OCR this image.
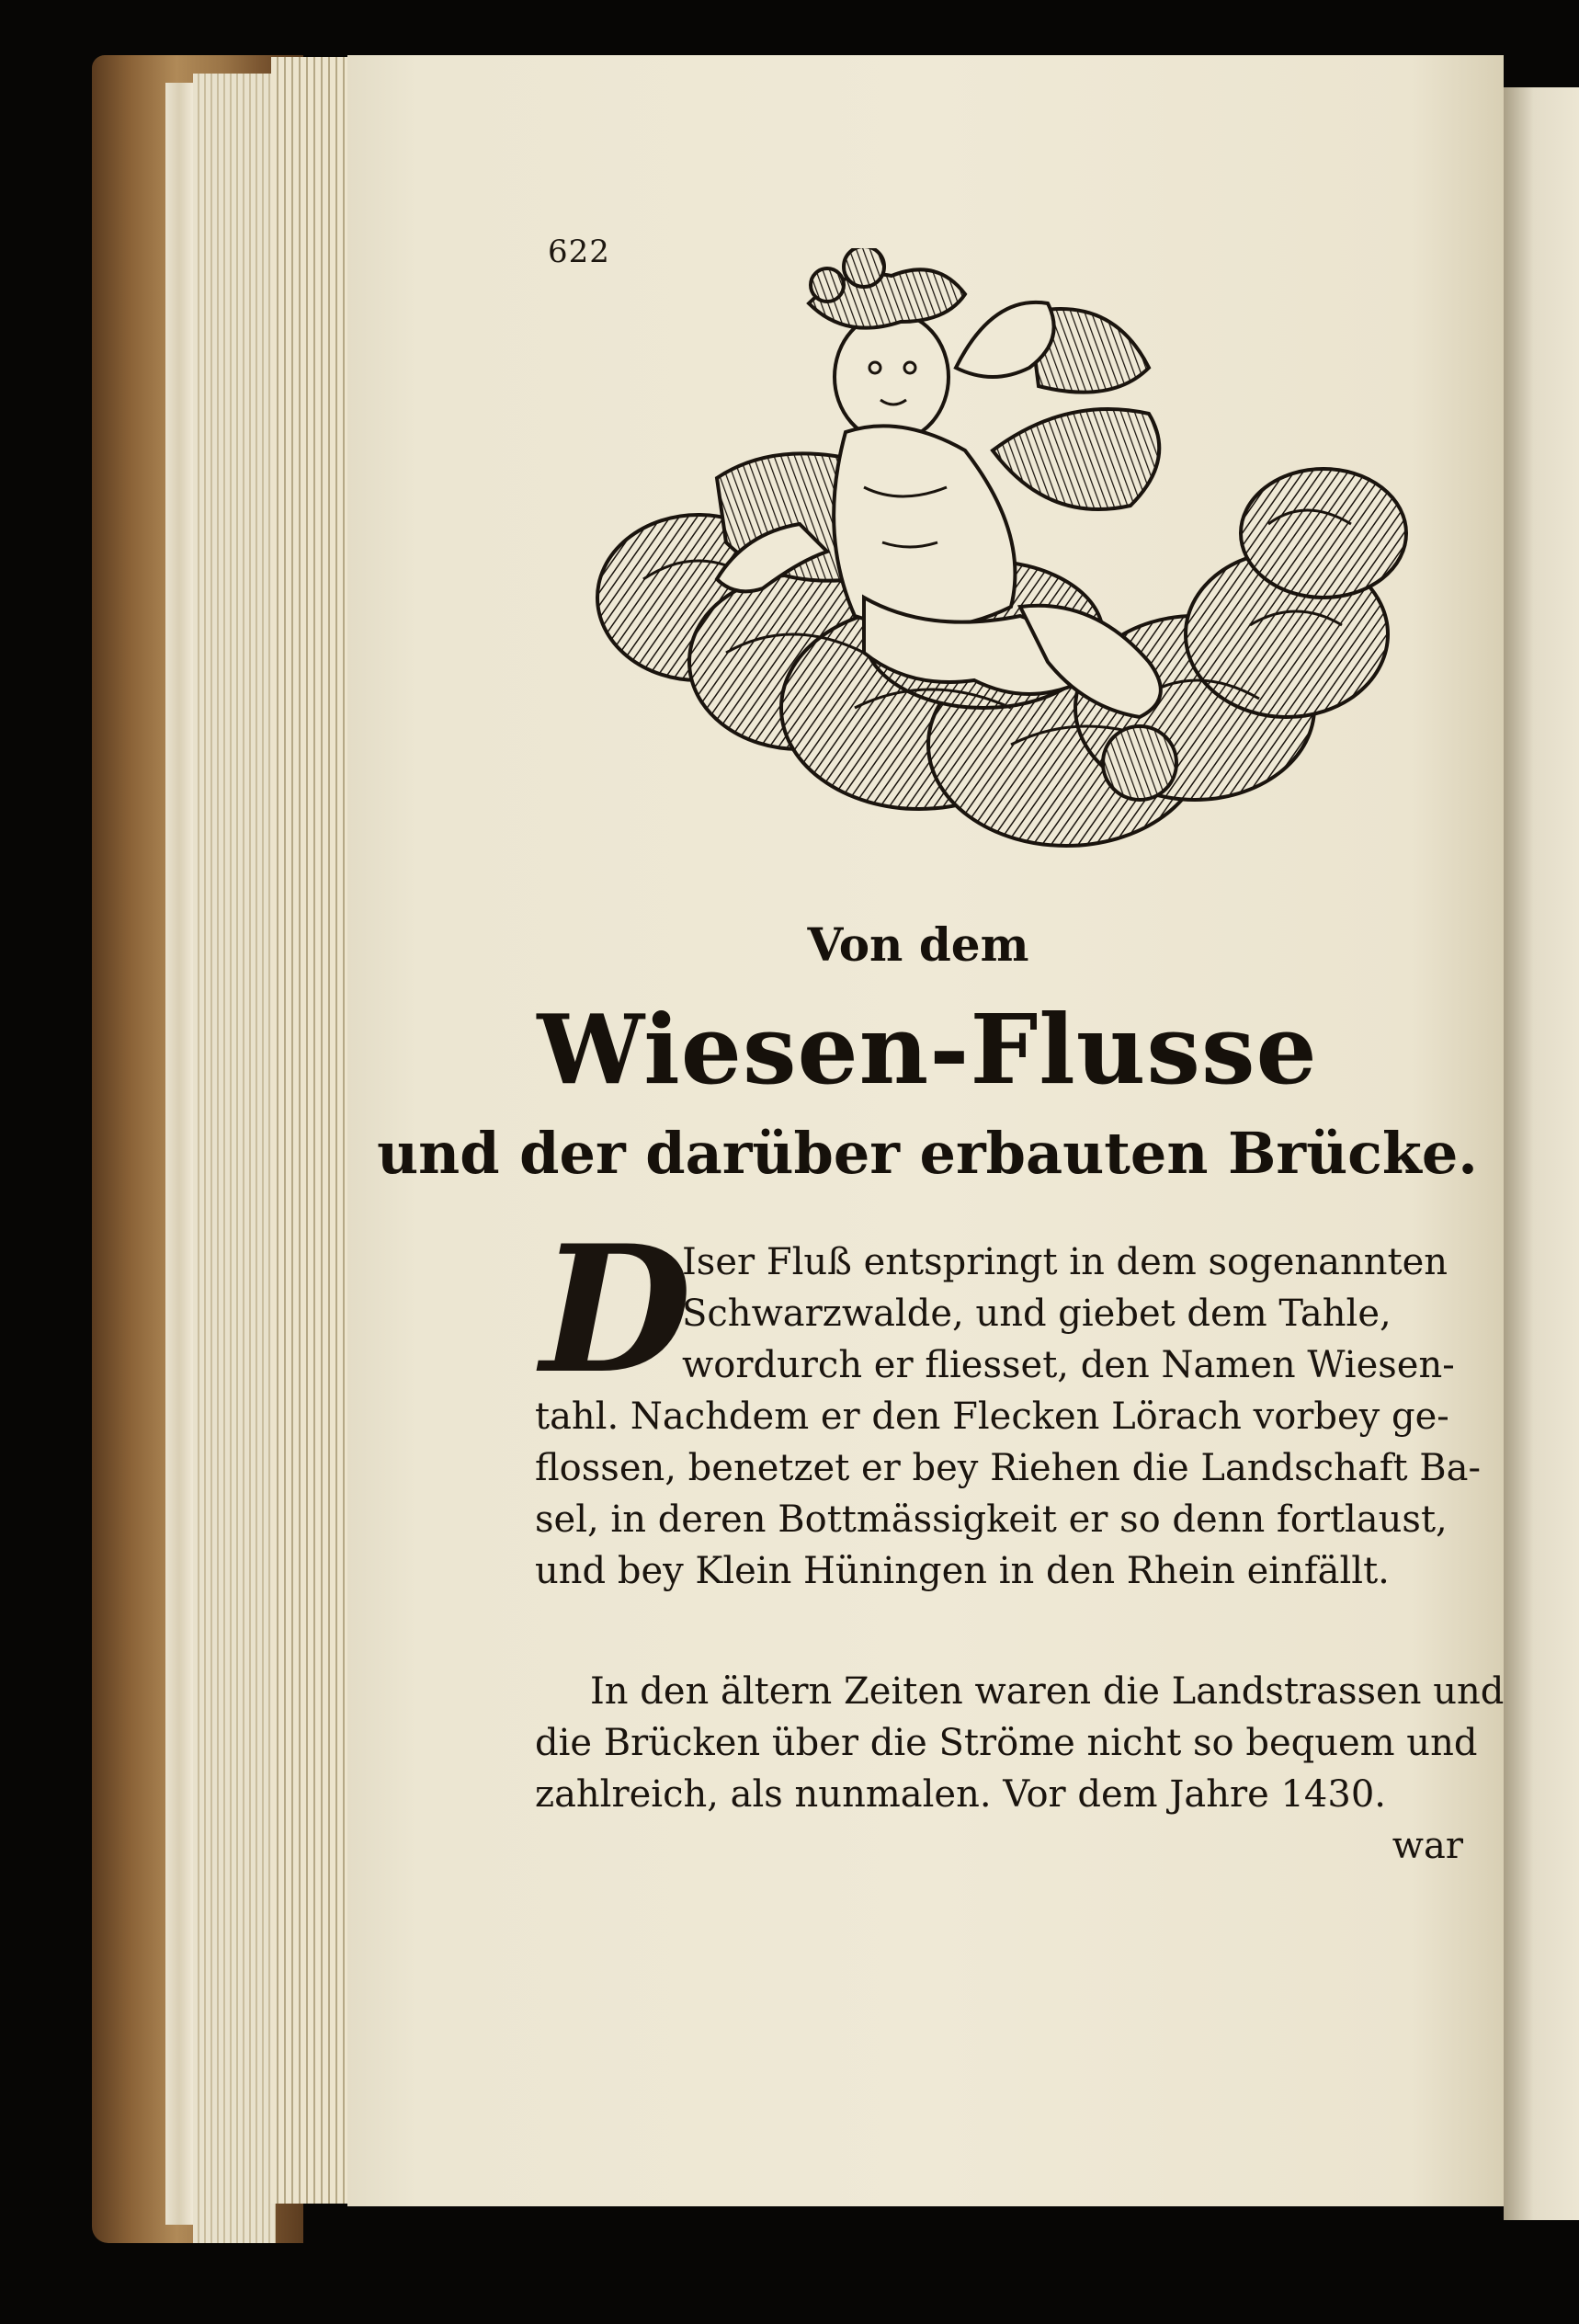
622
Von dem
Wiesen-Flusse
und der darüber erbauten Brücke.
D
Iser Fluß entspringt in dem sogenannten
Schwarzwalde, und giebet dem Tahle,
wordurch er fliesset, den Namen Wiesen-
tahl. Nachdem er den Flecken Lörach vorbey ge-
flossen, benetzet er bey Riehen die Landschaft Ba-
sel, in deren Bottmässigkeit er so denn fortlaust,
und bey Klein Hüningen in den Rhein einfällt.
In den ältern Zeiten waren die Landstrassen und
die Brücken über die Ströme nicht so bequem und
zahlreich, als nunmalen. Vor dem Jahre 1430.
war
